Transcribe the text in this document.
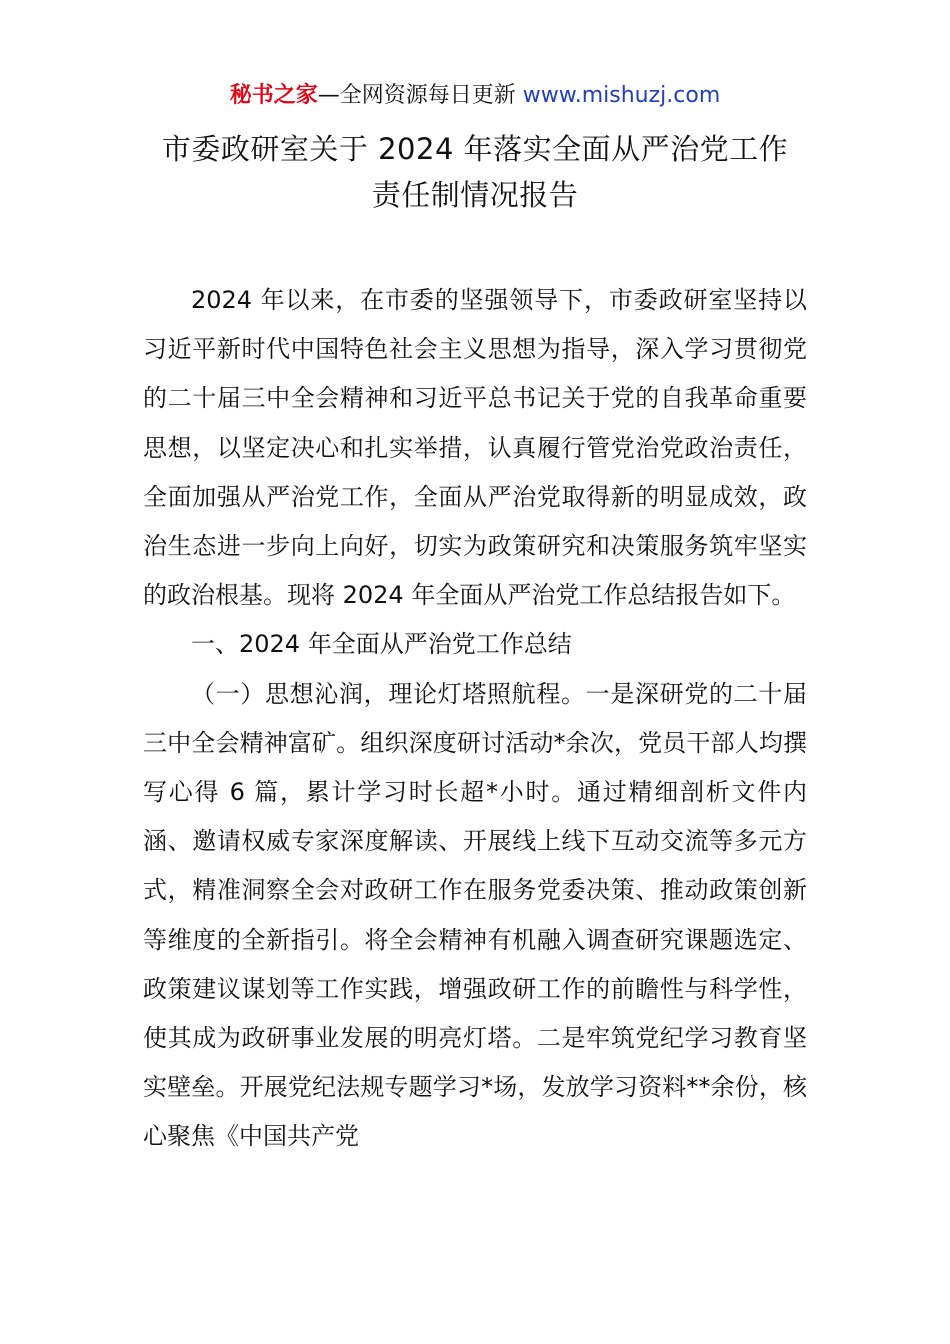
秘书之家—全网资源每日更新 www.mishuzj.com
市委政研室关于 2024 年落实全面从严治党工作
责任制情况报告

2024 年以来，在市委的坚强领导下，市委政研室坚持以习近平新时代中国特色社会主义思想为指导，深入学习贯彻党的二十届三中全会精神和习近平总书记关于党的自我革命重要思想，以坚定决心和扎实举措，认真履行管党治党政治责任，全面加强从严治党工作，全面从严治党取得新的明显成效，政治生态进一步向上向好，切实为政策研究和决策服务筑牢坚实的政治根基。现将 2024 年全面从严治党工作总结报告如下。

一、2024 年全面从严治党工作总结

（一）思想沁润，理论灯塔照航程。一是深研党的二十届三中全会精神富矿。组织深度研讨活动*余次，党员干部人均撰写心得 6 篇，累计学习时长超*小时。通过精细剖析文件内涵、邀请权威专家深度解读、开展线上线下互动交流等多元方式，精准洞察全会对政研工作在服务党委决策、推动政策创新等维度的全新指引。将全会精神有机融入调查研究课题选定、政策建议谋划等工作实践，增强政研工作的前瞻性与科学性，使其成为政研事业发展的明亮灯塔。二是牢筑党纪学习教育坚实壁垒。开展党纪法规专题学习*场，发放学习资料**余份，核心聚焦《中国共产党
